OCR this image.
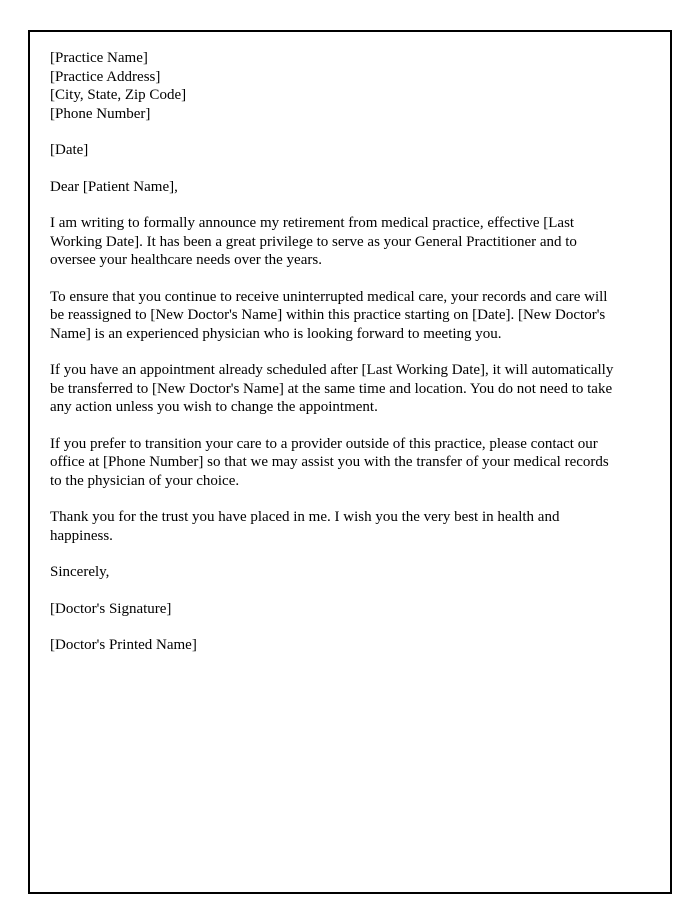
[Practice Name]

[Practice Address]

[City, State, Zip Code]

[Phone Number]

[Date]

Dear [Patient Name],

I am writing to formally announce my retirement from medical practice, effective [Last Working Date]. It has been a great privilege to serve as your General Practitioner and to oversee your healthcare needs over the years.

To ensure that you continue to receive uninterrupted medical care, your records and care will be reassigned to [New Doctor's Name] within this practice starting on [Date]. [New Doctor's Name] is an experienced physician who is looking forward to meeting you.

If you have an appointment already scheduled after [Last Working Date], it will automatically be transferred to [New Doctor's Name] at the same time and location. You do not need to take any action unless you wish to change the appointment.

If you prefer to transition your care to a provider outside of this practice, please contact our office at [Phone Number] so that we may assist you with the transfer of your medical records to the physician of your choice.

Thank you for the trust you have placed in me. I wish you the very best in health and happiness.

Sincerely,

[Doctor's Signature]

[Doctor's Printed Name]
